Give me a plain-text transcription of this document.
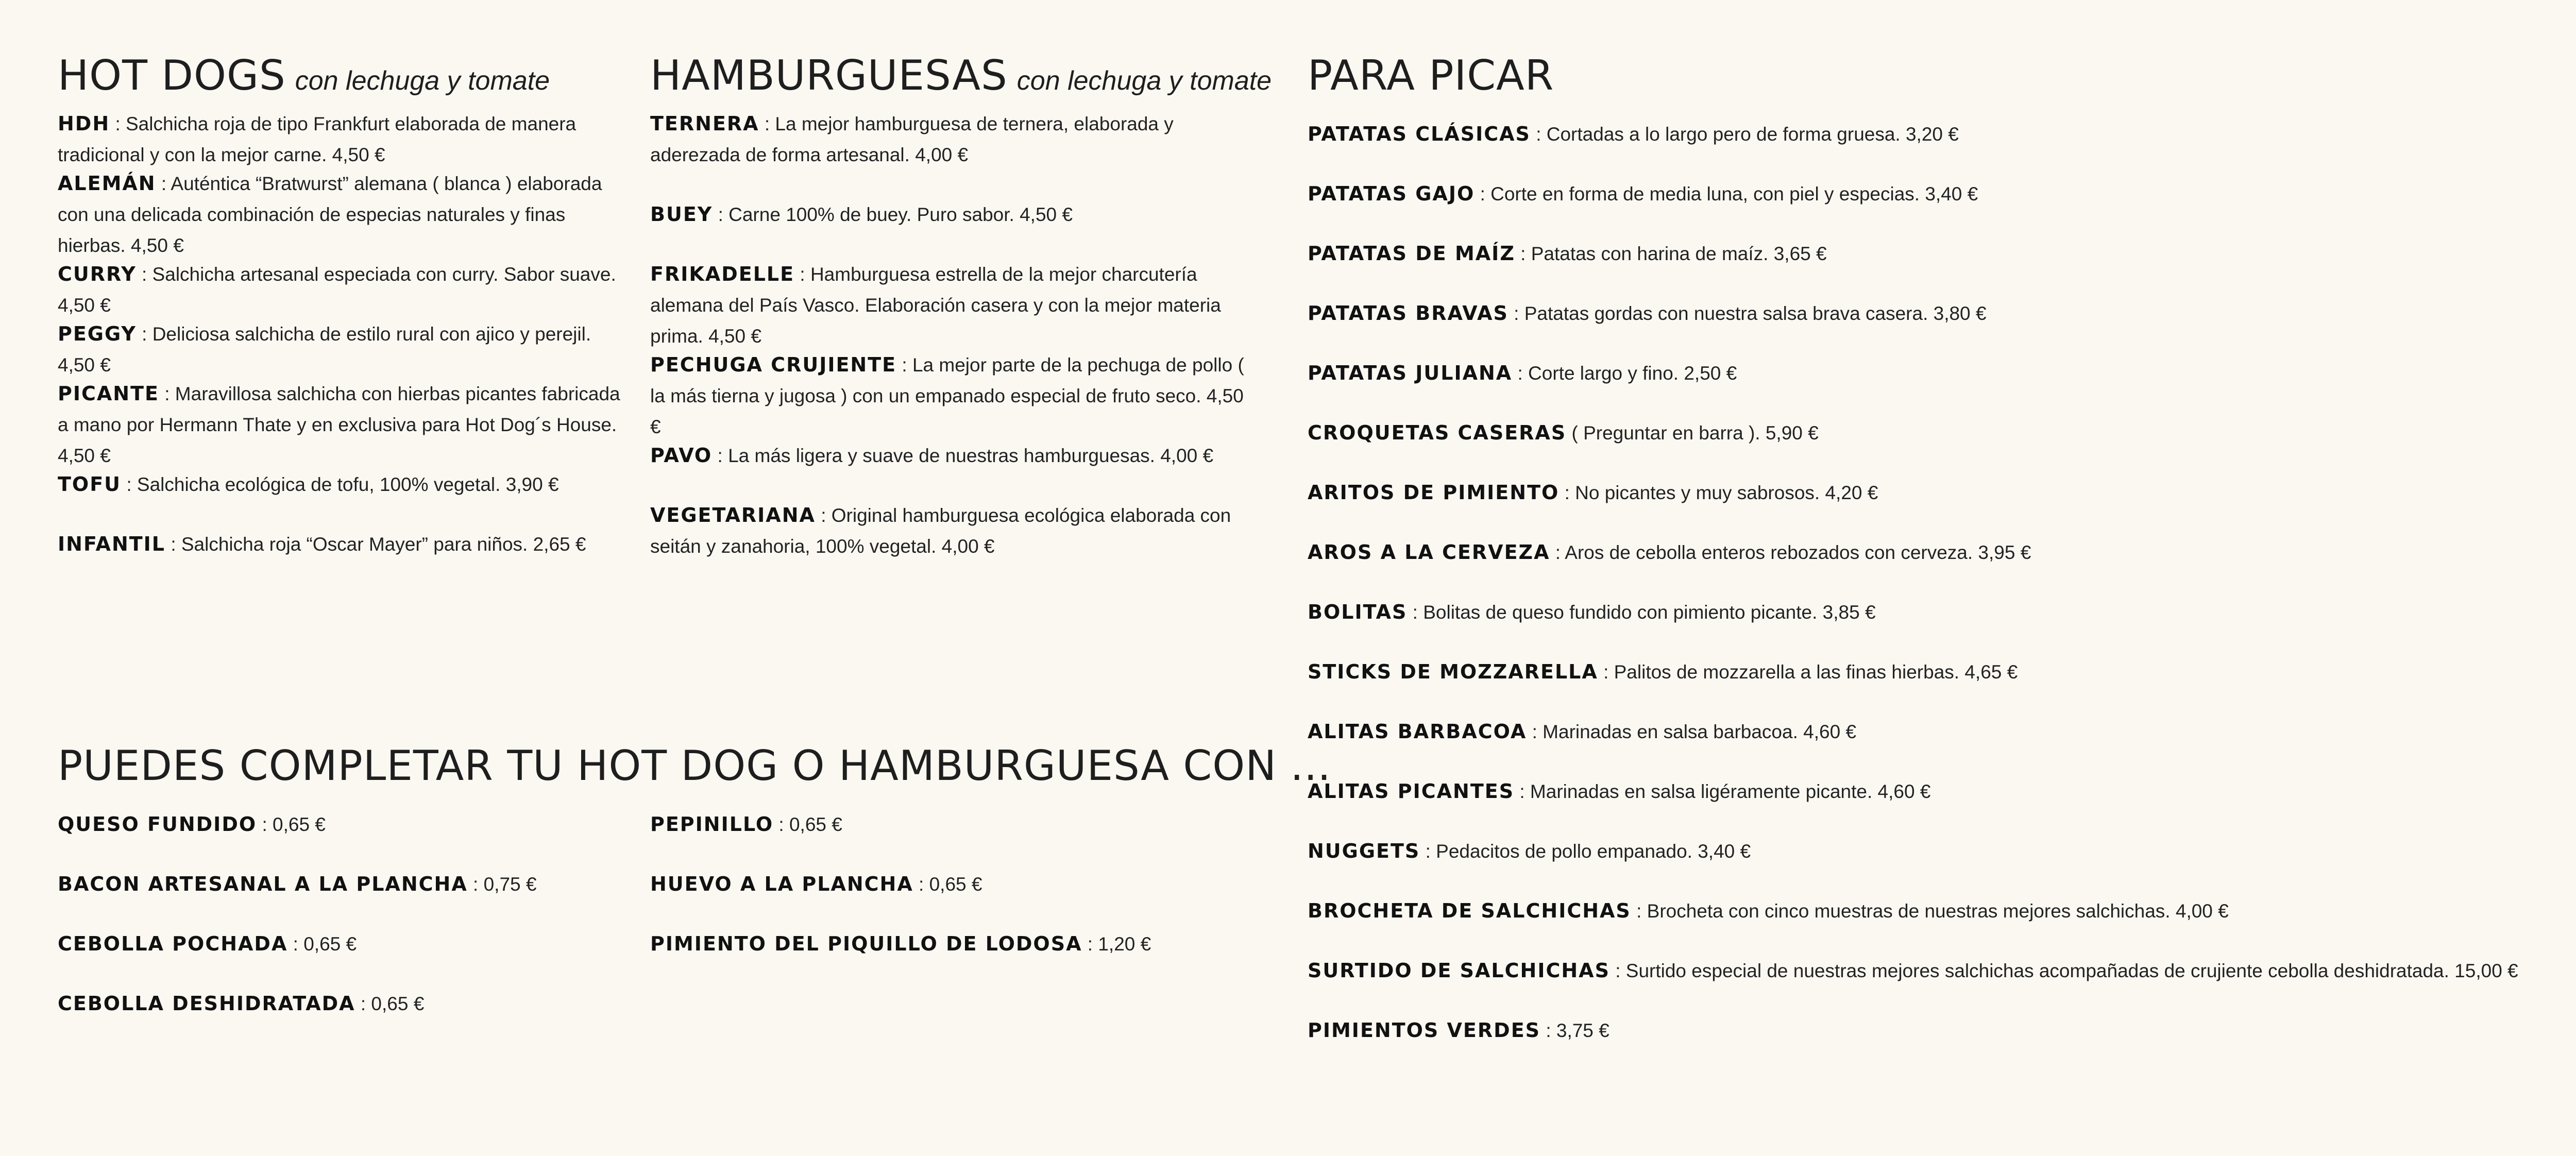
HOT DOGS con lechuga y tomate
HDH : Salchicha roja de tipo Frankfurt elaborada de manera tradicional y con la mejor carne. 4,50 €
ALEMÁN : Auténtica “Bratwurst” alemana ( blanca ) elaborada con una delicada combinación de especias naturales y finas hierbas. 4,50 €
CURRY : Salchicha artesanal especiada con curry. Sabor suave. 4,50 €
PEGGY : Deliciosa salchicha de estilo rural con ajico y perejil. 4,50 €
PICANTE : Maravillosa salchicha con hierbas picantes fabricada a mano por Hermann Thate y en exclusiva para Hot Dog´s House. 4,50 €
TOFU : Salchicha ecológica de tofu, 100% vegetal. 3,90 €
INFANTIL : Salchicha roja “Oscar Mayer” para niños. 2,65 €
HAMBURGUESAS con lechuga y tomate
TERNERA : La mejor hamburguesa de ternera, elaborada y aderezada de forma artesanal. 4,00 €
BUEY : Carne 100% de buey. Puro sabor. 4,50 €
FRIKADELLE : Hamburguesa estrella de la mejor charcutería alemana del País Vasco. Elaboración casera y con la mejor materia prima. 4,50 €
PECHUGA CRUJIENTE : La mejor parte de la pechuga de pollo ( la más tierna y jugosa ) con un empanado especial de fruto seco. 4,50 €
PAVO : La más ligera y suave de nuestras hamburguesas. 4,00 €
VEGETARIANA : Original hamburguesa ecológica elaborada con seitán y zanahoria, 100% vegetal. 4,00 €
PUEDES COMPLETAR TU HOT DOG O HAMBURGUESA CON ...
QUESO FUNDIDO : 0,65 €
BACON ARTESANAL A LA PLANCHA : 0,75 €
CEBOLLA POCHADA : 0,65 €
CEBOLLA DESHIDRATADA : 0,65 €
PEPINILLO : 0,65 €
HUEVO A LA PLANCHA : 0,65 €
PIMIENTO DEL PIQUILLO DE LODOSA : 1,20 €
PARA PICAR
PATATAS CLÁSICAS : Cortadas a lo largo pero de forma gruesa. 3,20 €
PATATAS GAJO : Corte en forma de media luna, con piel y especias. 3,40 €
PATATAS DE MAÍZ : Patatas con harina de maíz. 3,65 €
PATATAS BRAVAS : Patatas gordas con nuestra salsa brava casera. 3,80 €
PATATAS JULIANA : Corte largo y fino. 2,50 €
CROQUETAS CASERAS ( Preguntar en barra ). 5,90 €
ARITOS DE PIMIENTO : No picantes y muy sabrosos. 4,20 €
AROS A LA CERVEZA : Aros de cebolla enteros rebozados con cerveza. 3,95 €
BOLITAS : Bolitas de queso fundido con pimiento picante. 3,85 €
STICKS DE MOZZARELLA : Palitos de mozzarella a las finas hierbas. 4,65 €
ALITAS BARBACOA : Marinadas en salsa barbacoa. 4,60 €
ALITAS PICANTES : Marinadas en salsa ligéramente picante. 4,60 €
NUGGETS : Pedacitos de pollo empanado. 3,40 €
BROCHETA DE SALCHICHAS : Brocheta con cinco muestras de nuestras mejores salchichas. 4,00 €
SURTIDO DE SALCHICHAS : Surtido especial de nuestras mejores salchichas acompañadas de crujiente cebolla deshidratada. 15,00 €
PIMIENTOS VERDES : 3,75 €
